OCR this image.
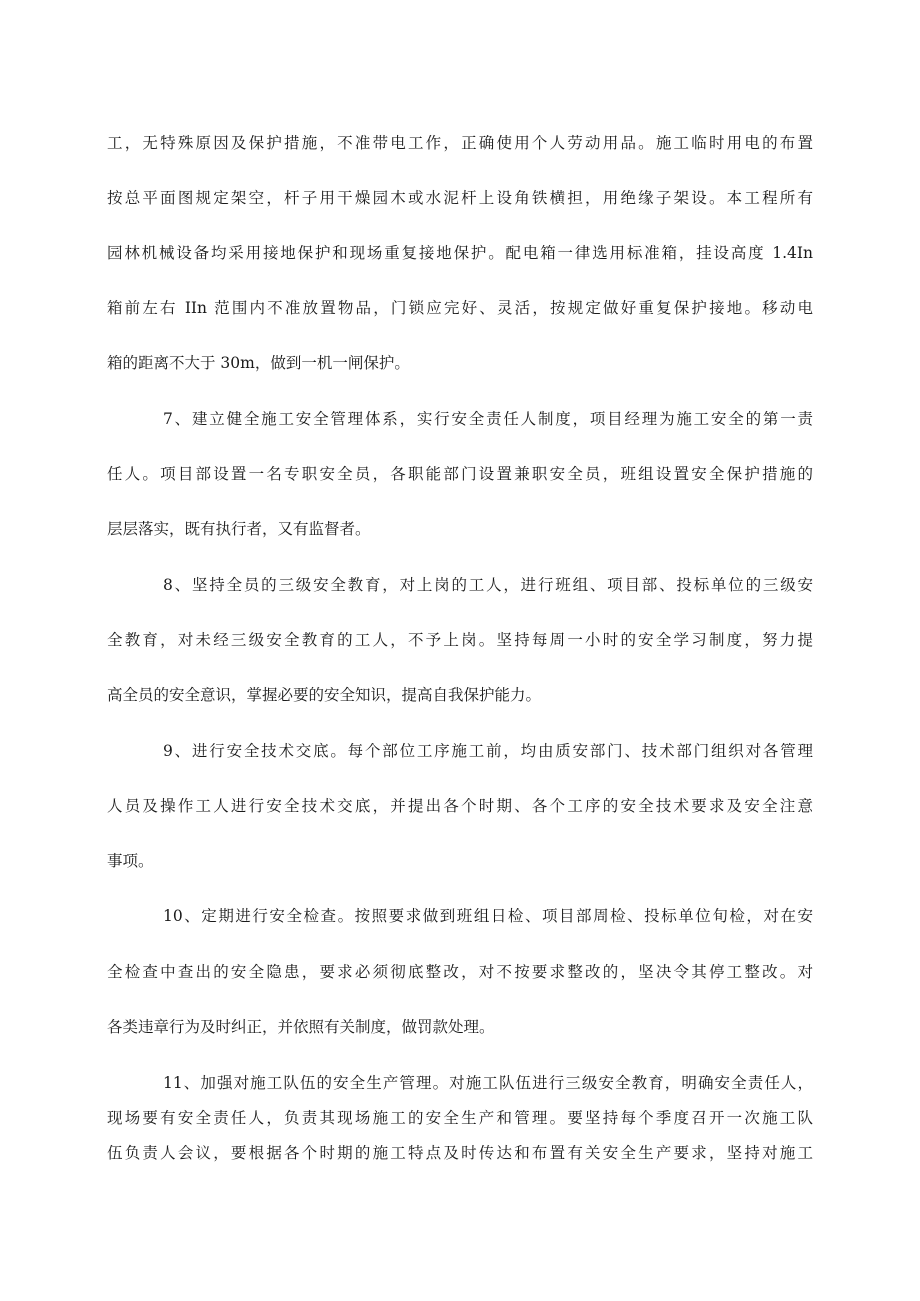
工，无特殊原因及保护措施，不准带电工作，正确使用个人劳动用品。施工临时用电的布置
按总平面图规定架空，杆子用干燥园木或水泥杆上设角铁横担，用绝缘子架设。本工程所有
园林机械设备均采用接地保护和现场重复接地保护。配电箱一律选用标准箱，挂设高度 1.4In
箱前左右 IIn 范围内不准放置物品，门锁应完好、灵活，按规定做好重复保护接地。移动电
箱的距离不大于 30m，做到一机一闸保护。
7、建立健全施工安全管理体系，实行安全责任人制度，项目经理为施工安全的第一责
任人。项目部设置一名专职安全员，各职能部门设置兼职安全员，班组设置安全保护措施的
层层落实，既有执行者，又有监督者。
8、坚持全员的三级安全教育，对上岗的工人，进行班组、项目部、投标单位的三级安
全教育，对未经三级安全教育的工人，不予上岗。坚持每周一小时的安全学习制度，努力提
高全员的安全意识，掌握必要的安全知识，提高自我保护能力。
9、进行安全技术交底。每个部位工序施工前，均由质安部门、技术部门组织对各管理
人员及操作工人进行安全技术交底，并提出各个时期、各个工序的安全技术要求及安全注意
事项。
10、定期进行安全检查。按照要求做到班组日检、项目部周检、投标单位旬检，对在安
全检查中查出的安全隐患，要求必须彻底整改，对不按要求整改的，坚决令其停工整改。对
各类违章行为及时纠正，并依照有关制度，做罚款处理。
11、加强对施工队伍的安全生产管理。对施工队伍进行三级安全教育，明确安全责任人，
现场要有安全责任人，负责其现场施工的安全生产和管理。要坚持每个季度召开一次施工队
伍负责人会议，要根据各个时期的施工特点及时传达和布置有关安全生产要求，坚持对施工
